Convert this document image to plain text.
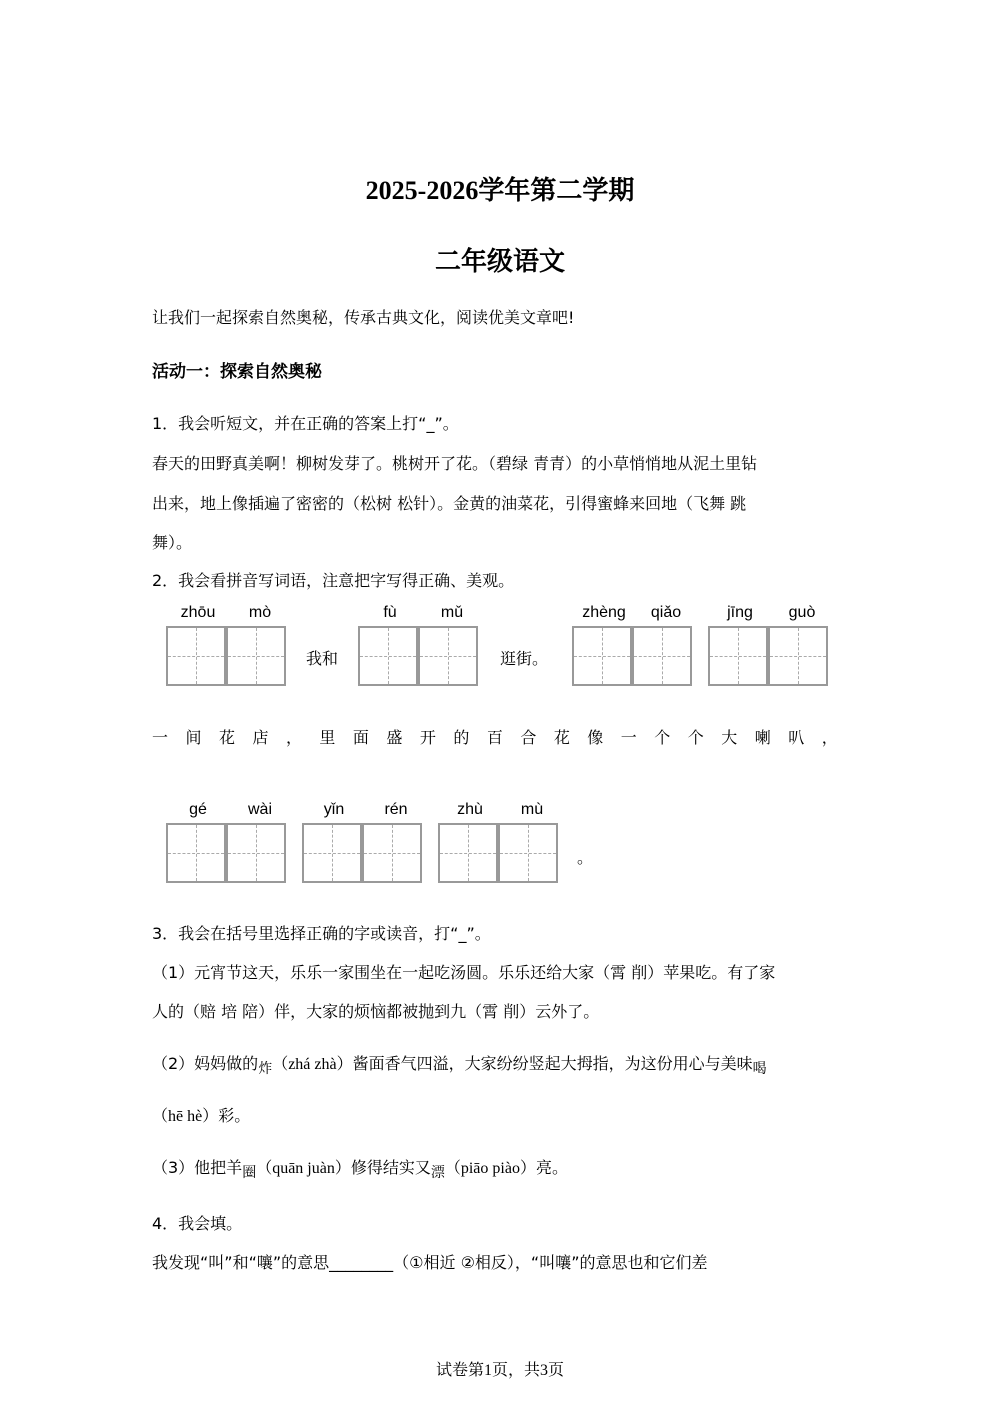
2025-2026学年第二学期
二年级语文
让我们一起探索自然奥秘，传承古典文化，阅读优美文章吧!
活动一：探索自然奥秘
1．我会听短文，并在正确的答案上打“_”。
春天的田野真美啊！柳树发芽了。桃树开了花。（碧绿 青青）的小草悄悄地从泥土里钻
出来，地上像插遍了密密的（松树 松针）。金黄的油菜花，引得蜜蜂来回地（飞舞 跳
舞）。
2．我会看拼音写词语，注意把字写得正确、美观。
zhōu	mò
我和
fù	mǔ
逛街。
zhèng	qiǎo	jīng	guò
一 间 花 店 ， 里 面 盛 开 的 百 合 花 像 一 个 个 大 喇 叭 ，
gé	wài	yǐn	rén	zhù	mù
。
3．我会在括号里选择正确的字或读音，打“_”。
（1）元宵节这天，乐乐一家围坐在一起吃汤圆。乐乐还给大家（霄 削）苹果吃。有了家
人的（赔 培 陪）伴，大家的烦恼都被抛到九（霄 削）云外了。
（2）妈妈做的炸（zhá zhà）酱面香气四溢，大家纷纷竖起大拇指，为这份用心与美味喝
（hē hè）彩。
（3）他把羊圈（quān juàn）修得结实又漂（piāo piào）亮。
4．我会填。
我发现“叫”和“嚷”的意思________（①相近 ②相反），“叫嚷”的意思也和它们差
试卷第1页，共3页
